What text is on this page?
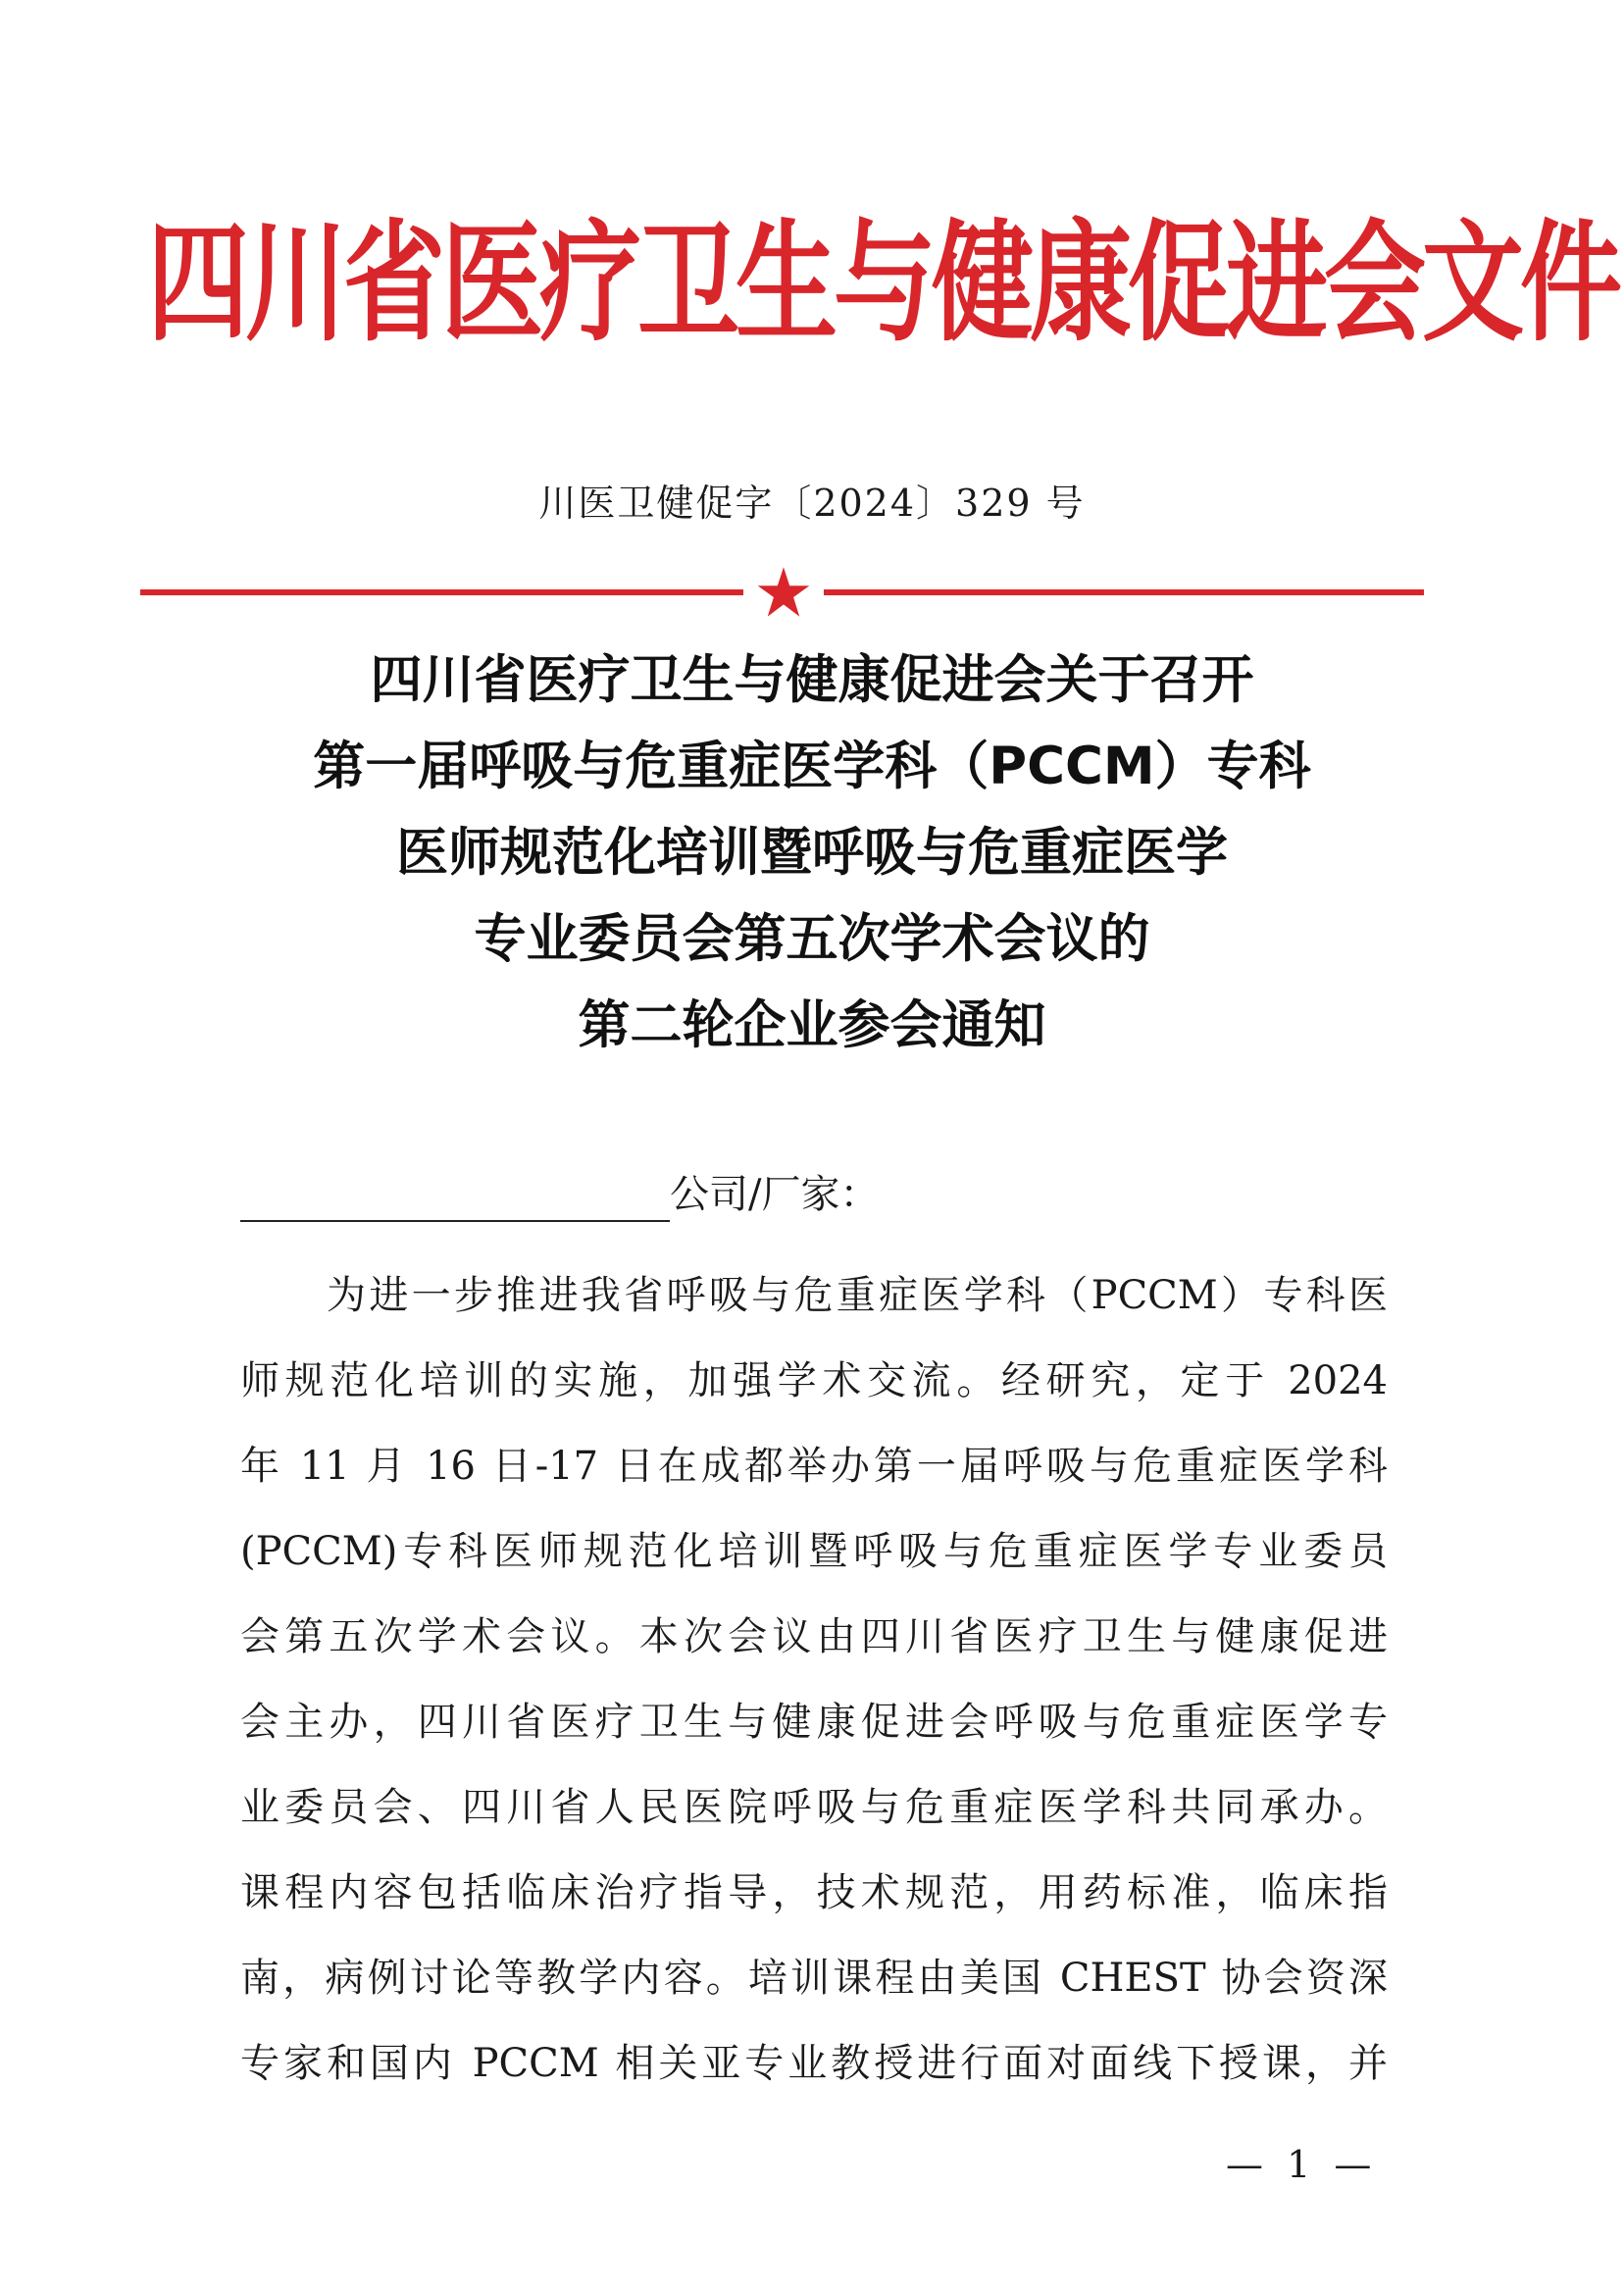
四川省医疗卫生与健康促进会文件
川医卫健促字〔2024〕329 号
四川省医疗卫生与健康促进会关于召开
第一届呼吸与危重症医学科（PCCM）专科
医师规范化培训暨呼吸与危重症医学
专业委员会第五次学术会议的
第二轮企业参会通知
公司/厂家：
为进一步推进我省呼吸与危重症医学科（PCCM）专科医
师规范化培训的实施，加强学术交流。经研究，定于 2024
年 11 月 16 日-17 日在成都举办第一届呼吸与危重症医学科
(PCCM)专科医师规范化培训暨呼吸与危重症医学专业委员
会第五次学术会议。本次会议由四川省医疗卫生与健康促进
会主办，四川省医疗卫生与健康促进会呼吸与危重症医学专
业委员会、四川省人民医院呼吸与危重症医学科共同承办。
课程内容包括临床治疗指导，技术规范，用药标准，临床指
南，病例讨论等教学内容。培训课程由美国 CHEST 协会资深
专家和国内 PCCM 相关亚专业教授进行面对面线下授课，并
— 1 —
